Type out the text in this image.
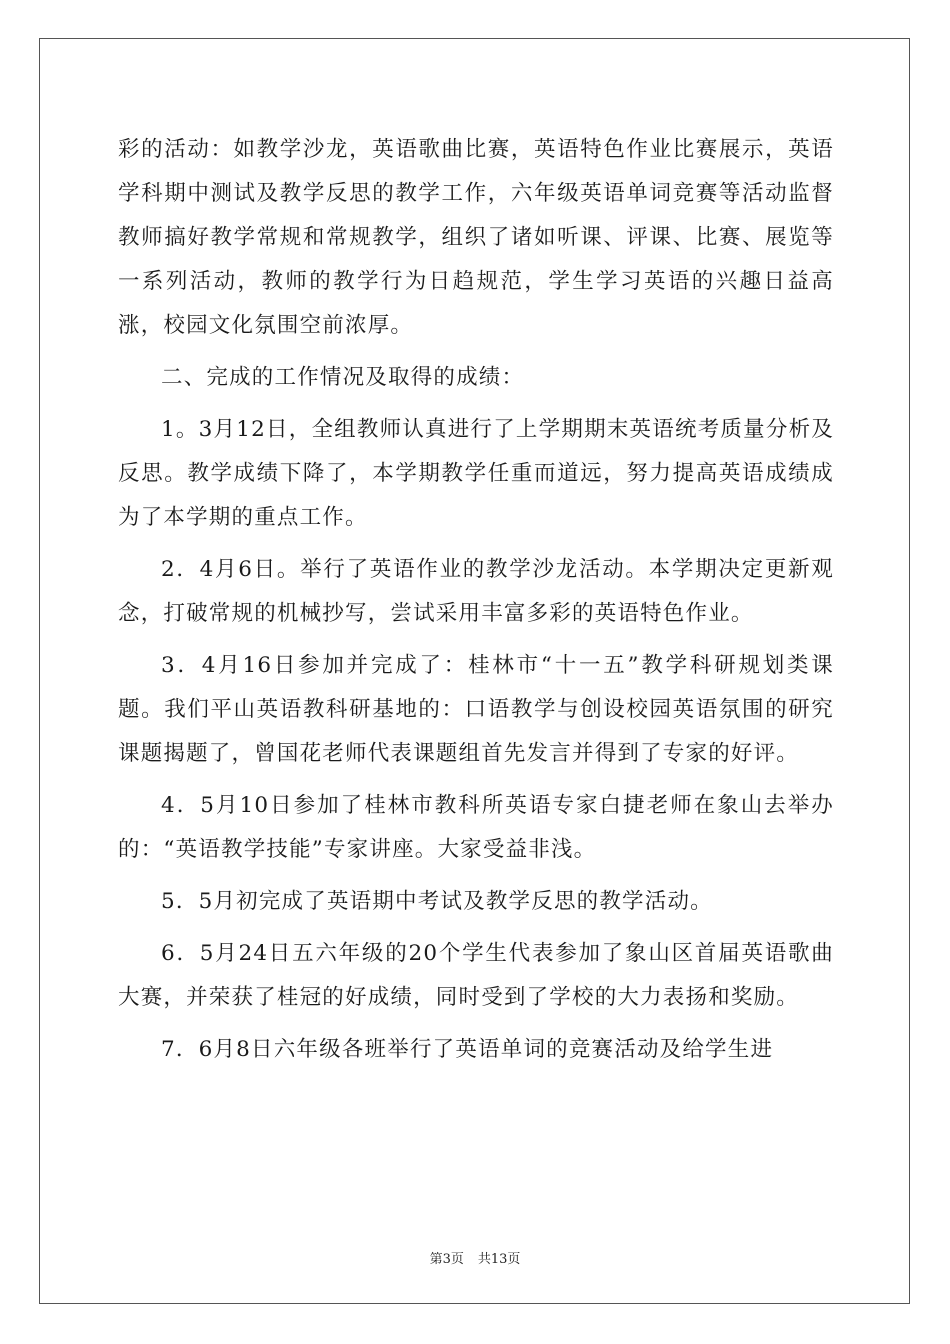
彩的活动：如教学沙龙，英语歌曲比赛，英语特色作业比赛展示，英语学科期中测试及教学反思的教学工作，六年级英语单词竞赛等活动监督教师搞好教学常规和常规教学，组织了诸如听课、评课、比赛、展览等一系列活动，教师的教学行为日趋规范，学生学习英语的兴趣日益高涨，校园文化氛围空前浓厚。

二、完成的工作情况及取得的成绩：

1。3月12日，全组教师认真进行了上学期期末英语统考质量分析及反思。教学成绩下降了，本学期教学任重而道远，努力提高英语成绩成为了本学期的重点工作。

2．4月6日。举行了英语作业的教学沙龙活动。本学期决定更新观念，打破常规的机械抄写，尝试采用丰富多彩的英语特色作业。

3．4月16日参加并完成了：桂林市“十一五”教学科研规划类课题。我们平山英语教科研基地的：口语教学与创设校园英语氛围的研究课题揭题了，曾国花老师代表课题组首先发言并得到了专家的好评。

4．5月10日参加了桂林市教科所英语专家白捷老师在象山去举办的：“英语教学技能”专家讲座。大家受益非浅。

5．5月初完成了英语期中考试及教学反思的教学活动。

6．5月24日五六年级的20个学生代表参加了象山区首届英语歌曲大赛，并荣获了桂冠的好成绩，同时受到了学校的大力表扬和奖励。

7．6月8日六年级各班举行了英语单词的竞赛活动及给学生进

第3页 共13页
